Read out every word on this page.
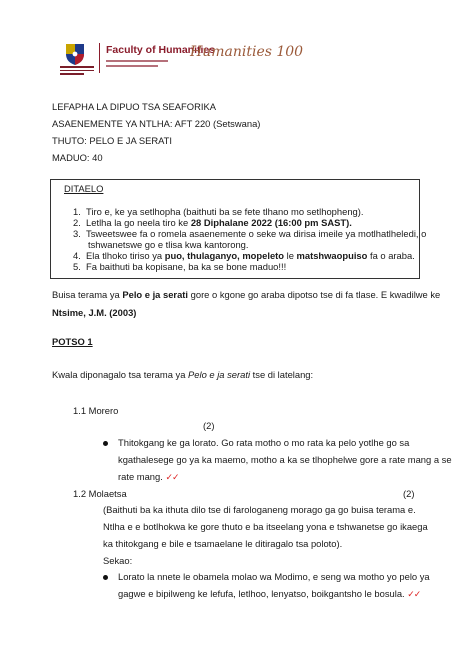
Faculty of Humanities
Humanities 100
LEFAPHA LA DIPUO TSA SEAFORIKA
ASAENEMENTE YA NTLHA: AFT 220 (Setswana)
THUTO: PELO E JA SERATI
MADUO: 40
DITAELO
1. Tiro e, ke ya setlhopha (baithuti ba se fete tlhano mo setlhopheng).
2. Letlha la go neela tiro ke 28 Diphalane 2022 (16:00 pm SAST).
3. Tsweetswee fa o romela asaenemente o seke wa dirisa imeile ya motlhatlheledi, o
tshwanetswe go e tlisa kwa kantorong.
4. Ela tlhoko tiriso ya puo, thulaganyo, mopeleto le matshwaopuiso fa o araba.
5. Fa baithuti ba kopisane, ba ka se bone maduo!!!
Buisa terama ya Pelo e ja serati gore o kgone go araba dipotso tse di fa tlase. E kwadilwe ke
Ntsime, J.M. (2003)
POTSO 1
Kwala diponagalo tsa terama ya Pelo e ja serati tse di latelang:
1.1 Morero
(2)
Thitokgang ke ga lorato. Go rata motho o mo rata ka pelo yotlhe go sa
kgathalesege go ya ka maemo, motho a ka se tlhophelwe gore a rate mang a se
rate mang. ✓✓
1.2 Molaetsa	(2)
(Baithuti ba ka ithuta dilo tse di farologaneng morago ga go buisa terama e.
Ntlha e e botlhokwa ke gore thuto e ba itseelang yona e tshwanetse go ikaega
ka thitokgang e bile e tsamaelane le ditiragalo tsa poloto).
Sekao:
Lorato la nnete le obamela molao wa Modimo, e seng wa motho yo pelo ya
gagwe e bipilweng ke lefufa, letlhoo, lenyatso, boikgantsho le bosula. ✓✓
